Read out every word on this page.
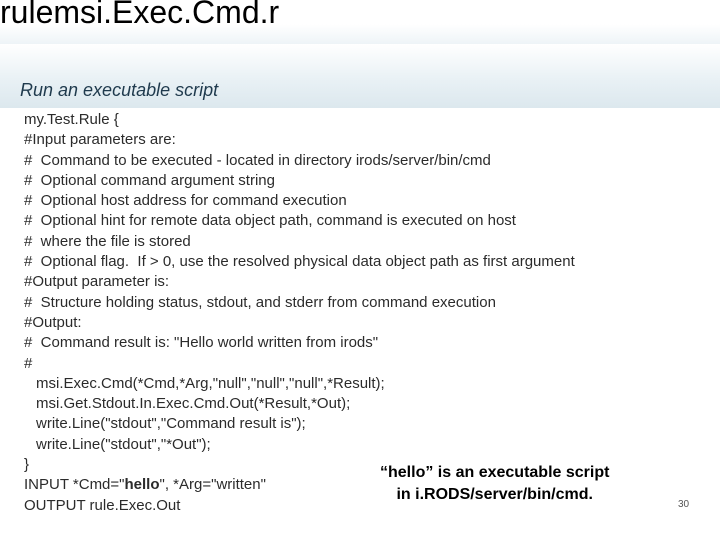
rulemsi.Exec.Cmd.r
Run an executable script
my.Test.Rule {
#Input parameters are:
#  Command to be executed - located in directory irods/server/bin/cmd
#  Optional command argument string
#  Optional host address for command execution
#  Optional hint for remote data object path, command is executed on host
#  where the file is stored
#  Optional flag.  If > 0, use the resolved physical data object path as first argument
#Output parameter is:
#  Structure holding status, stdout, and stderr from command execution
#Output:
#  Command result is: "Hello world written from irods"
#
msi.Exec.Cmd(*Cmd,*Arg,"null","null","null",*Result);
msi.Get.Stdout.In.Exec.Cmd.Out(*Result,*Out);
write.Line("stdout","Command result is");
write.Line("stdout","*Out");
}
INPUT *Cmd="hello", *Arg="written"
OUTPUT rule.Exec.Out
“hello” is an executable script
in i.RODS/server/bin/cmd.
30
